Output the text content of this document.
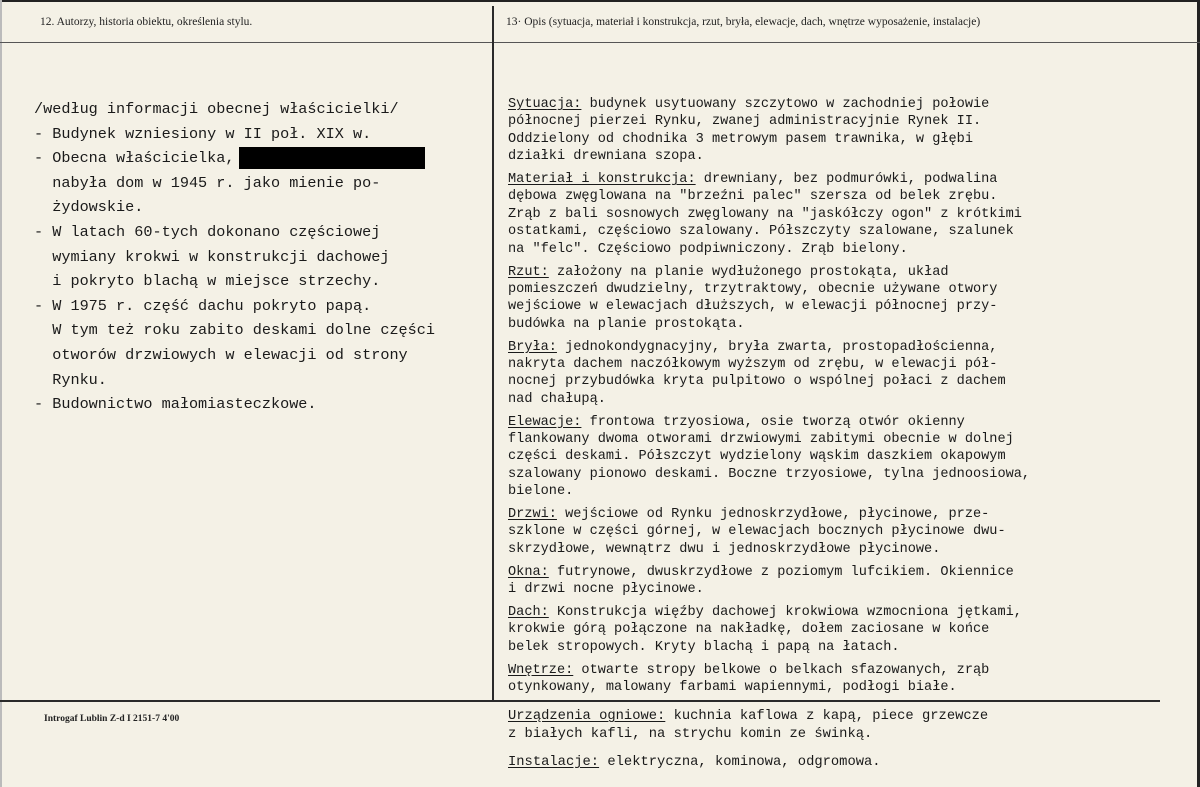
12. Autorzy, historia obiektu, określenia stylu.	13· Opis (sytuacja, materiał i konstrukcja, rzut, bryła, elewacje, dach, wnętrze wyposażenie, instalacje)
/według informacji obecnej właścicielki/
- Budynek wzniesiony w II poł. XIX w.
- Obecna właścicielka,
nabyła dom w 1945 r. jako mienie po-
żydowskie.
- W latach 60-tych dokonano częściowej
wymiany krokwi w konstrukcji dachowej
i pokryto blachą w miejsce strzechy.
- W 1975 r. część dachu pokryto papą.
W tym też roku zabito deskami dolne części
otworów drzwiowych w elewacji od strony
Rynku.
- Budownictwo małomiasteczkowe.
Sytuacja: budynek usytuowany szczytowo w zachodniej połowie
północnej pierzei Rynku, zwanej administracyjnie Rynek II.
Oddzielony od chodnika 3 metrowym pasem trawnika, w głębi
działki drewniana szopa.
Materiał i konstrukcja: drewniany, bez podmurówki, podwalina
dębowa zwęglowana na "brzeźni palec" szersza od belek zrębu.
Zrąb z bali sosnowych zwęglowany na "jaskółczy ogon" z krótkimi
ostatkami, częściowo szalowany. Półszczyty szalowane, szalunek
na "felc". Częściowo podpiwniczony. Zrąb bielony.
Rzut: założony na planie wydłużonego prostokąta, układ
pomieszczeń dwudzielny, trzytraktowy, obecnie używane otwory
wejściowe w elewacjach dłuższych, w elewacji północnej przy-
budówka na planie prostokąta.
Bryła: jednokondygnacyjny, bryła zwarta, prostopadłościenna,
nakryta dachem naczółkowym wyższym od zrębu, w elewacji pół-
nocnej przybudówka kryta pulpitowo o wspólnej połaci z dachem
nad chałupą.
Elewacje: frontowa trzyosiowa, osie tworzą otwór okienny
flankowany dwoma otworami drzwiowymi zabitymi obecnie w dolnej
części deskami. Półszczyt wydzielony wąskim daszkiem okapowym
szalowany pionowo deskami. Boczne trzyosiowe, tylna jednoosiowa,
bielone.
Drzwi: wejściowe od Rynku jednoskrzydłowe, płycinowe, prze-
szklone w części górnej, w elewacjach bocznych płycinowe dwu-
skrzydłowe, wewnątrz dwu i jednoskrzydłowe płycinowe.
Okna: futrynowe, dwuskrzydłowe z poziomym lufcikiem. Okiennice
i drzwi nocne płycinowe.
Dach: Konstrukcja więźby dachowej krokwiowa wzmocniona jętkami,
krokwie górą połączone na nakładkę, dołem zaciosane w końce
belek stropowych. Kryty blachą i papą na łatach.
Wnętrze: otwarte stropy belkowe o belkach sfazowanych, zrąb
otynkowany, malowany farbami wapiennymi, podłogi białe.
Urządzenia ogniowe: kuchnia kaflowa z kapą, piece grzewcze
z białych kafli, na strychu komin ze świnką.
Instalacje: elektryczna, kominowa, odgromowa.
Introgaf Lublin Z-d I 2151-7 4'00
